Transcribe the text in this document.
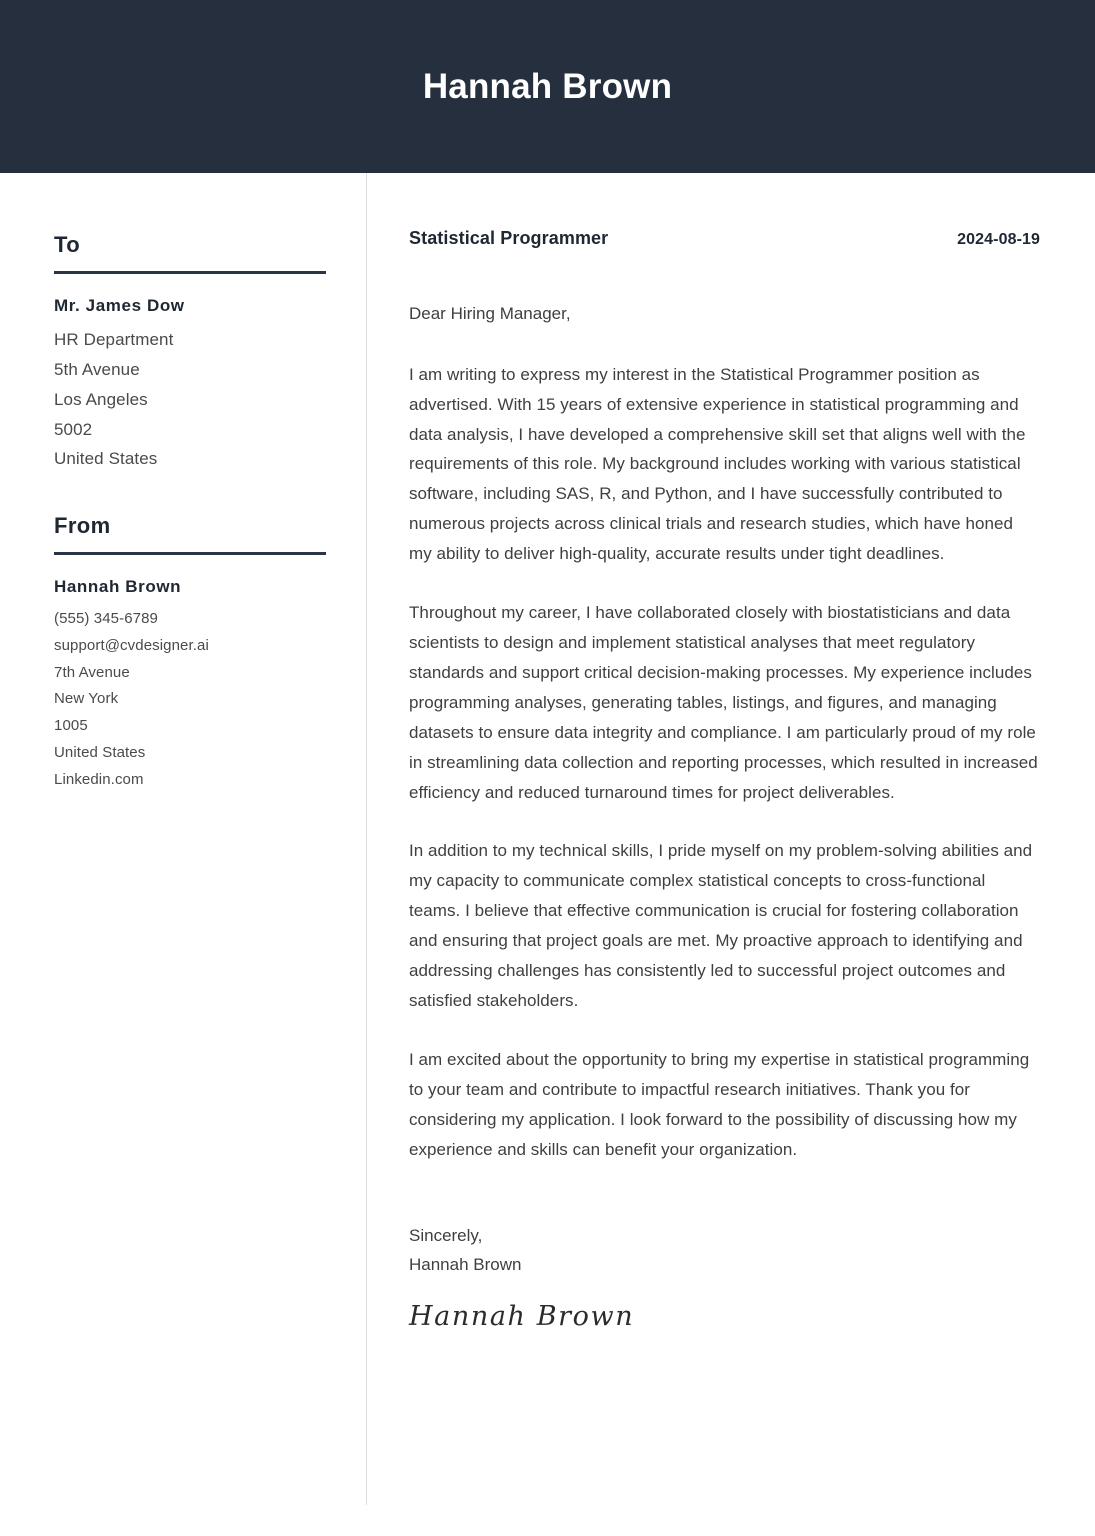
Hannah Brown
To
Mr. James Dow
HR Department
5th Avenue
Los Angeles
5002
United States
From
Hannah Brown
(555) 345-6789
support@cvdesigner.ai
7th Avenue
New York
1005
United States
Linkedin.com
Statistical Programmer	2024-08-19
Dear Hiring Manager,

I am writing to express my interest in the Statistical Programmer position as advertised. With 15 years of extensive experience in statistical programming and data analysis, I have developed a comprehensive skill set that aligns well with the requirements of this role. My background includes working with various statistical software, including SAS, R, and Python, and I have successfully contributed to numerous projects across clinical trials and research studies, which have honed my ability to deliver high-quality, accurate results under tight deadlines.

Throughout my career, I have collaborated closely with biostatisticians and data scientists to design and implement statistical analyses that meet regulatory standards and support critical decision-making processes. My experience includes programming analyses, generating tables, listings, and figures, and managing datasets to ensure data integrity and compliance. I am particularly proud of my role in streamlining data collection and reporting processes, which resulted in increased efficiency and reduced turnaround times for project deliverables.

In addition to my technical skills, I pride myself on my problem-solving abilities and my capacity to communicate complex statistical concepts to cross-functional teams. I believe that effective communication is crucial for fostering collaboration and ensuring that project goals are met. My proactive approach to identifying and addressing challenges has consistently led to successful project outcomes and satisfied stakeholders.

I am excited about the opportunity to bring my expertise in statistical programming to your team and contribute to impactful research initiatives. Thank you for considering my application. I look forward to the possibility of discussing how my experience and skills can benefit your organization.

Sincerely,
Hannah Brown
Hannah Brown
